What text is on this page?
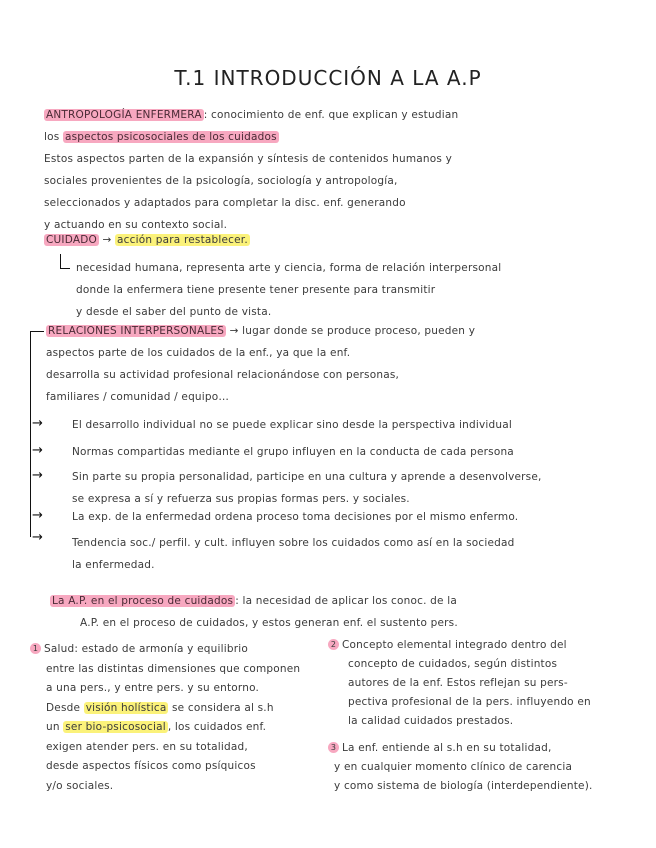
T.1 INTRODUCCIÓN A LA A.P

ANTROPOLOGÍA ENFERMERA : conocimiento de enf. que explican y estudian

los aspectos psicosociales de los cuidados

Estos aspectos parten de la expansión y síntesis de contenidos humanos y

sociales provenientes de la psicología, sociología y antropología,

seleccionados y adaptados para completar la disc. enf. generando

y actuando en su contexto social.

CUIDADO → acción para restablecer.

necesidad humana, representa arte y ciencia, forma de relación interpersonal

donde la enfermera tiene presente tener presente para transmitir

y desde el saber del punto de vista.

RELACIONES INTERPERSONALES → lugar donde se produce proceso, pueden y

aspectos parte de los cuidados de la enf., ya que la enf.

desarrolla su actividad profesional relacionándose con personas,

familiares / comunidad / equipo…

→	El desarrollo individual no se puede explicar sino desde la perspectiva individual

→	Normas compartidas mediante el grupo influyen en la conducta de cada persona

→	Sin parte su propia personalidad, participe en una cultura y aprende a desenvolverse,

se expresa a sí y refuerza sus propias formas pers. y sociales.

→	La exp. de la enfermedad ordena proceso toma decisiones por el mismo enfermo.

→	Tendencia soc./ perfil. y cult. influyen sobre los cuidados como así en la sociedad

la enfermedad.

La A.P. en el proceso de cuidados : la necesidad de aplicar los conoc. de la

A.P. en el proceso de cuidados, y estos generan enf. el sustento pers.

1 Salud: estado de armonía y equilibrio

entre las distintas dimensiones que componen

a una pers., y entre pers. y su entorno.

Desde visión holística se considera al s.h

un ser bio-psicosocial , los cuidados enf.

exigen atender pers. en su totalidad,

desde aspectos físicos como psíquicos

y/o sociales.

2 Concepto elemental integrado dentro del

concepto de cuidados, según distintos

autores de la enf. Estos reflejan su pers-

pectiva profesional de la pers. influyendo en

la calidad cuidados prestados.

3 La enf. entiende al s.h en su totalidad,

y en cualquier momento clínico de carencia

y como sistema de biología (interdependiente).
